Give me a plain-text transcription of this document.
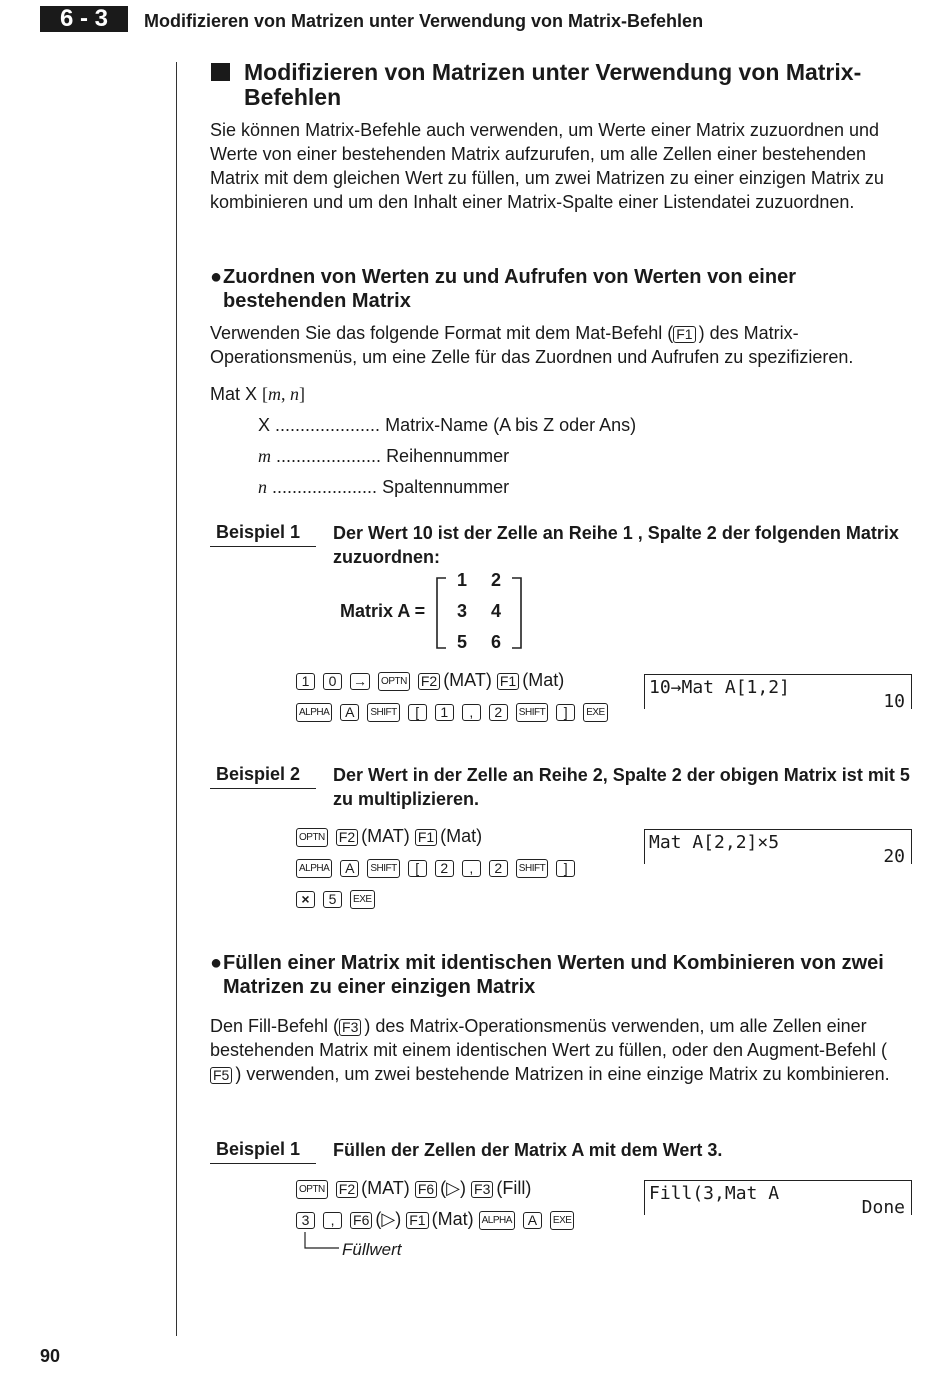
6 - 3	Modifizieren von Matrizen unter Verwendung von Matrix-Befehlen
Modifizieren von Matrizen unter Verwendung von Matrix-Befehlen
Sie können Matrix-Befehle auch verwenden, um Werte einer Matrix zuzuordnen und Werte von einer bestehenden Matrix aufzurufen, um alle Zellen einer bestehenden Matrix mit dem gleichen Wert zu füllen, um zwei Matrizen zu einer einzigen Matrix zu kombinieren und um den Inhalt einer Matrix-Spalte einer Listendatei zuzuordnen.
● Zuordnen von Werten zu und Aufrufen von Werten von einer bestehenden Matrix
Verwenden Sie das folgende Format mit dem Mat-Befehl ( F1 ) des Matrix-Operationsmenüs, um eine Zelle für das Zuordnen und Aufrufen zu spezifizieren.
Mat X [m, n]
X ..................... Matrix-Name (A bis Z oder Ans)
m ..................... Reihennummer
n ..................... Spaltennummer
Beispiel 1	Der Wert 10 ist der Zelle an Reihe 1 , Spalte 2 der folgenden Matrix zuzuordnen:
Matrix A =
1 2
3 4
5 6
1 0 → OPTN F2 (MAT) F1 (Mat)
ALPHA A SHIFT [ 1 , 2 SHIFT ] EXE
10→Mat A[1,2]
10
Beispiel 2	Der Wert in der Zelle an Reihe 2, Spalte 2 der obigen Matrix ist mit 5 zu multiplizieren.
OPTN F2 (MAT) F1 (Mat)
ALPHA A SHIFT [ 2 , 2 SHIFT ]
× 5 EXE
Mat A[2,2]×5
20
● Füllen einer Matrix mit identischen Werten und Kombinieren von zwei Matrizen zu einer einzigen Matrix
Den Fill-Befehl ( F3 ) des Matrix-Operationsmenüs verwenden, um alle Zellen einer bestehenden Matrix mit einem identischen Wert zu füllen, oder den Augment-Befehl (F5 ) verwenden, um zwei bestehende Matrizen in eine einzige Matrix zu kombinieren.
Beispiel 1	Füllen der Zellen der Matrix A mit dem Wert 3.
OPTN F2 (MAT) F6 (▷) F3 (Fill)
3 , F6 (▷) F1 (Mat) ALPHA A EXE
Füllwert
Fill(3,Mat A
Done
90
